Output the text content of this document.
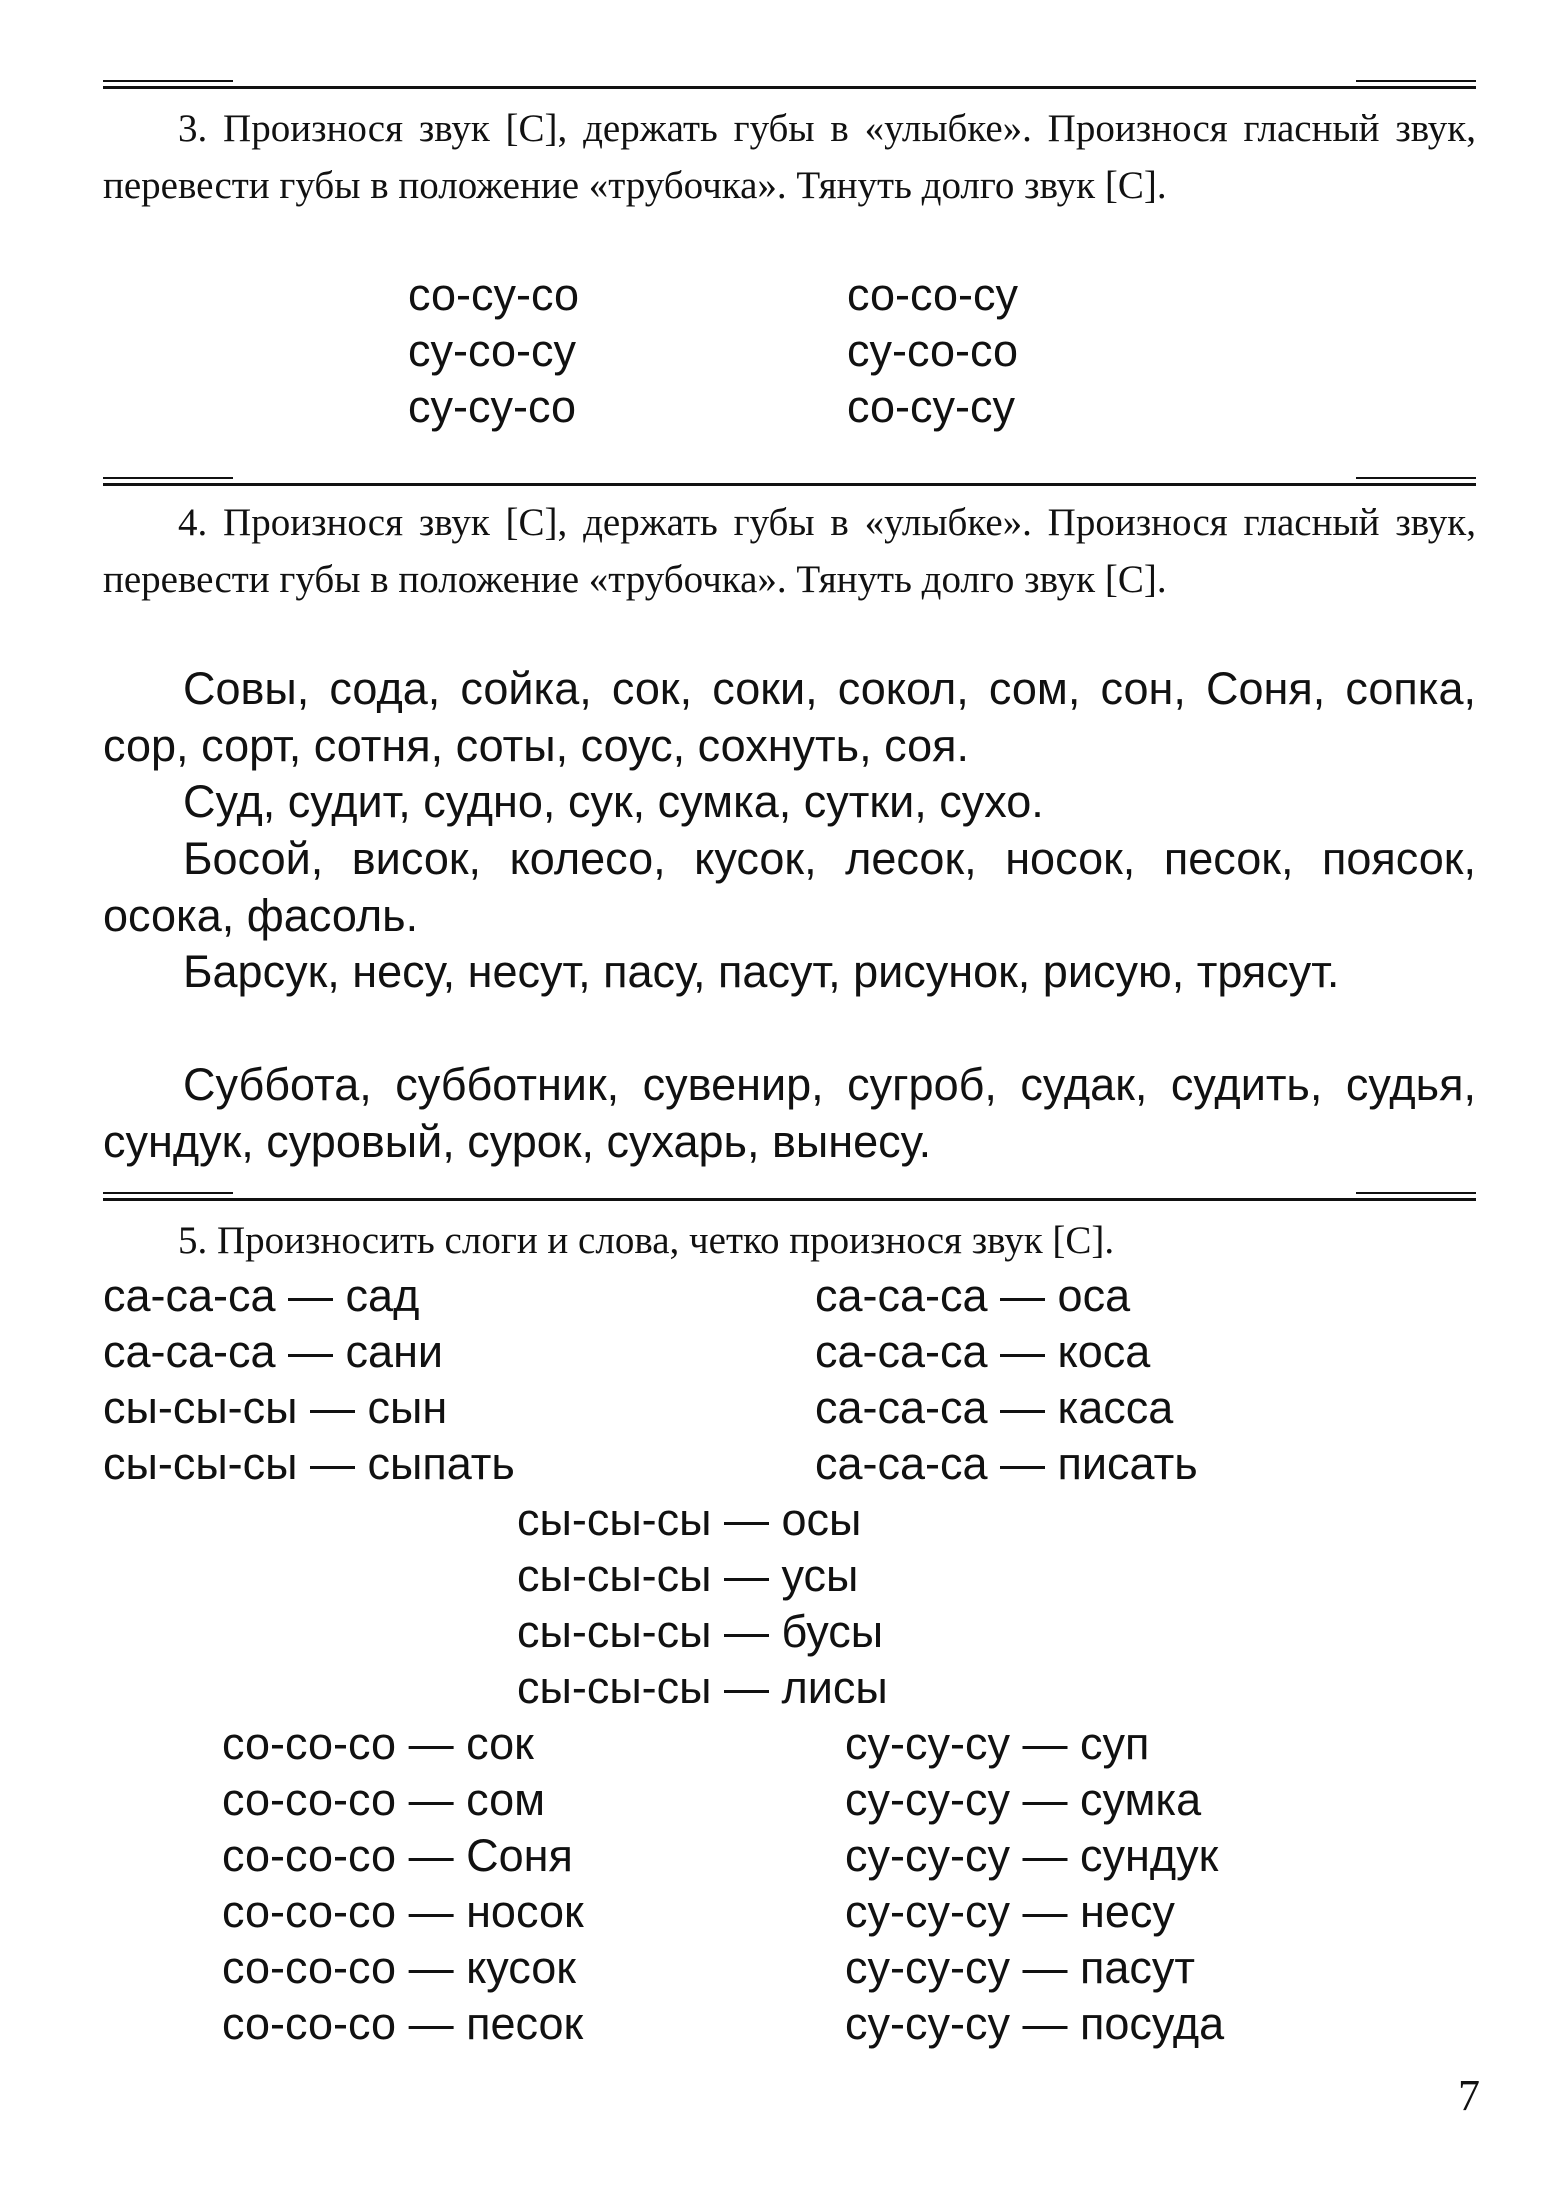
3. Произнося звук [С], держать губы в «улыбке». Произнося гласный звук, перевести губы в положение «трубочка». Тянуть долго звук [С].

со-су-со

су-со-су

су-су-со

со-со-су

су-со-со

со-су-су

4. Произнося звук [С], держать губы в «улыбке». Произнося гласный звук, перевести губы в положение «трубочка». Тянуть долго звук [С].

Совы, сода, сойка, сок, соки, сокол, сом, сон, Соня, сопка, сор, сорт, сотня, соты, соус, сохнуть, соя.

Суд, судит, судно, сук, сумка, сутки, сухо.

Босой, висок, колесо, кусок, лесок, носок, песок, поясок, осока, фасоль.

Барсук, несу, несут, пасу, пасут, рисунок, рисую, трясут.

Суббота, субботник, сувенир, сугроб, судак, судить, судья, сундук, суровый, сурок, сухарь, вынесу.

5. Произносить слоги и слова, четко произнося звук [С].

са-са-са — сад

са-са-са — сани

сы-сы-сы — сын

сы-сы-сы — сыпать

са-са-са — оса

са-са-са — коса

са-са-са — касса

са-са-са — писать

сы-сы-сы — осы

сы-сы-сы — усы

сы-сы-сы — бусы

сы-сы-сы — лисы

со-со-со — сок

со-со-со — сом

со-со-со — Соня

со-со-со — носок

со-со-со — кусок

со-со-со — песок

су-су-су — суп

су-су-су — сумка

су-су-су — сундук

су-су-су — несу

су-су-су — пасут

су-су-су — посуда

7
